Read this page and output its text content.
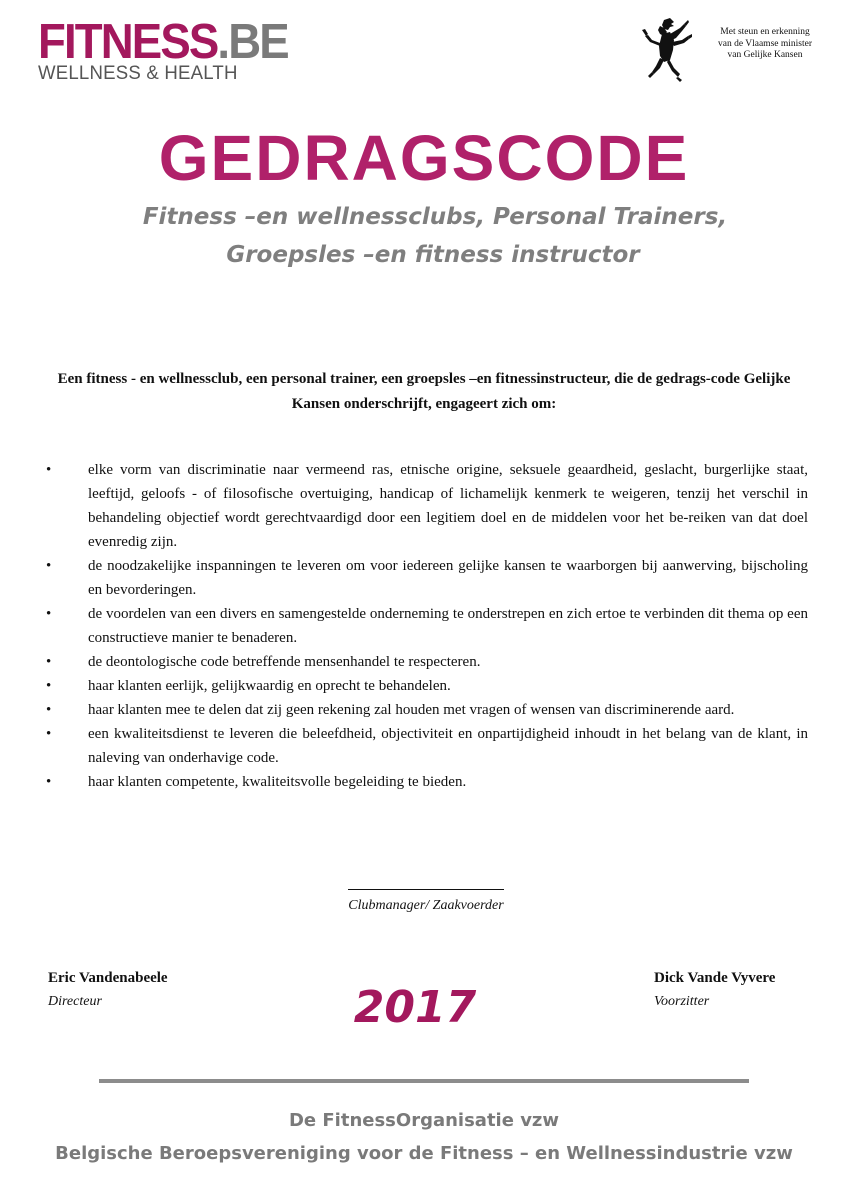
FITNESS.BE
WELLNESS & HEALTH
Met steun en erkenning
van de Vlaamse minister
van Gelijke Kansen
GEDRAGSCODE
Fitness –en wellnessclubs, Personal Trainers,
Groepsles –en fitness instructor
Een fitness - en wellnessclub, een personal trainer, een groepsles –en fitnessinstructeur, die de gedrags-code Gelijke Kansen onderschrijft, engageert zich om:
• elke vorm van discriminatie naar vermeend ras, etnische origine, seksuele geaardheid, geslacht, burgerlijke staat, leeftijd, geloofs - of filosofische overtuiging, handicap of lichamelijk kenmerk te weigeren, tenzij het verschil in behandeling objectief wordt gerechtvaardigd door een legitiem doel en de middelen voor het be-reiken van dat doel evenredig zijn.
• de noodzakelijke inspanningen te leveren om voor iedereen gelijke kansen te waarborgen bij aanwerving, bijscholing en bevorderingen.
• de voordelen van een divers en samengestelde onderneming te onderstrepen en zich ertoe te verbinden dit thema op een constructieve manier te benaderen.
• de deontologische code betreffende mensenhandel te respecteren.
• haar klanten eerlijk, gelijkwaardig en oprecht te behandelen.
• haar klanten mee te delen dat zij geen rekening zal houden met vragen of wensen van discriminerende aard.
• een kwaliteitsdienst te leveren die beleefdheid, objectiviteit en onpartijdigheid inhoudt in het belang van de klant, in naleving van onderhavige code.
• haar klanten competente, kwaliteitsvolle begeleiding te bieden.
Clubmanager/ Zaakvoerder
Eric Vandenabeele
Directeur	2017
Dick Vande Vyvere
Voorzitter
De FitnessOrganisatie vzw
Belgische Beroepsvereniging voor de Fitness – en Wellnessindustrie vzw
